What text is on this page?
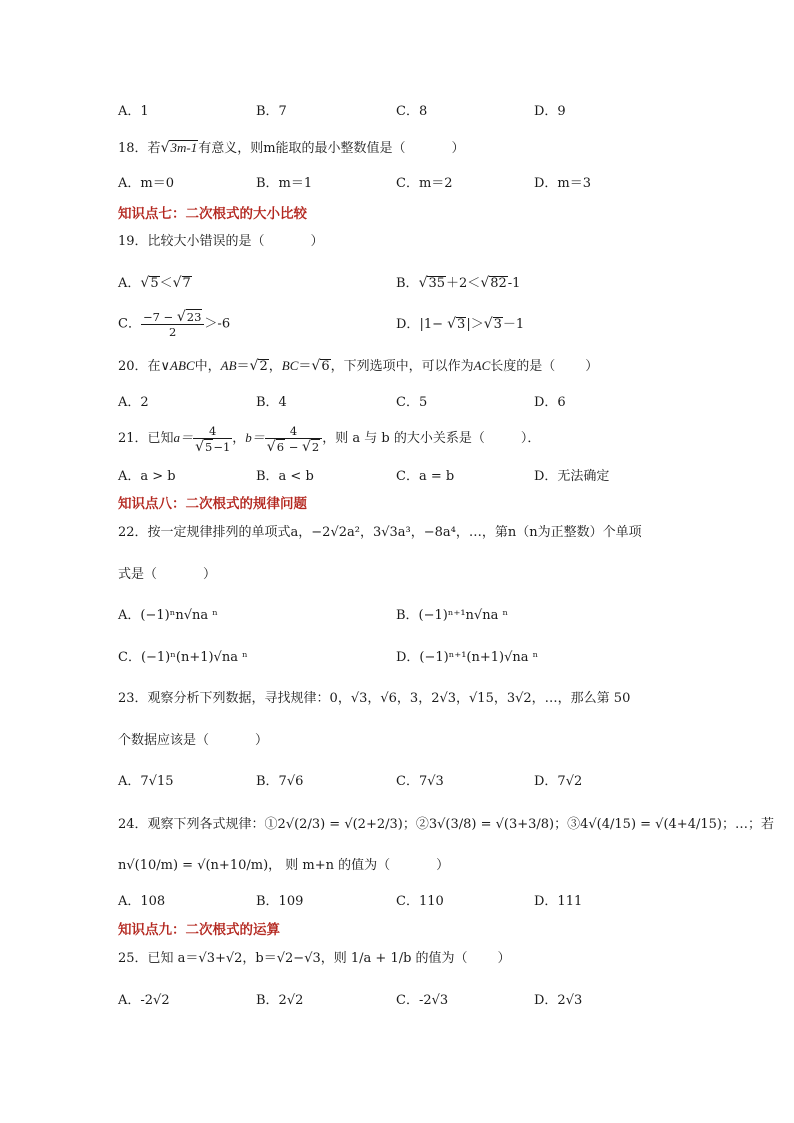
A．1	B．7	C．8	D．9
18．若√3m-1有意义，则m能取的最小整数值是（	）
A．m＝0	B．m＝1	C．m＝2	D．m＝3
知识点七：二次根式的大小比较
19．比较大小错误的是（	）
A．√5＜√7	B．√35＋2＜√82-1
C． $\frac{-7 - √23}{2} >-6$	D．|1− √3|＞√3－1
20．在∨ABC中，AB＝√2，BC＝√6，下列选项中，可以作为AC长度的是（ ）
A．2	B．4	C．5	D．6
21．已知$a= \frac{4}{√5-1}$ ，$b= \frac{4}{√6 - √2}$ ，则 a 与 b 的大小关系是（	）．
A．a > b	B．a < b	C．a = b	D．无法确定
知识点八：二次根式的规律问题
22．按一定规律排列的单项式a，−2√2a²，3√3a³，−8a⁴，…，第n（n为正整数）个单项
式是（	）
A．(−1)ⁿn√na ⁿ	B．(−1)ⁿ⁺¹n√na ⁿ
C．(−1)ⁿ(n+1)√na ⁿ	D．(−1)ⁿ⁺¹(n+1)√na ⁿ
23．观察分析下列数据，寻找规律：0，√3，√6，3，2√3，√15，3√2，…，那么第 50
个数据应该是（	）
A．7√15	B．7√6	C．7√3	D．7√2
24．观察下列各式规律：①2√(2/3) = √(2+2/3)；②3√(3/8) = √(3+3/8)；③4√(4/15) = √(4+4/15)；…；若
n√(10/m) = √(n+10/m)， 则 m+n 的值为（	）
A．108	B．109	C．110	D．111
知识点九：二次根式的运算
25．已知 a＝√3+√2，b＝√2−√3，则 1/a + 1/b 的值为（ ）
A．-2√2	B．2√2	C．-2√3	D．2√3
